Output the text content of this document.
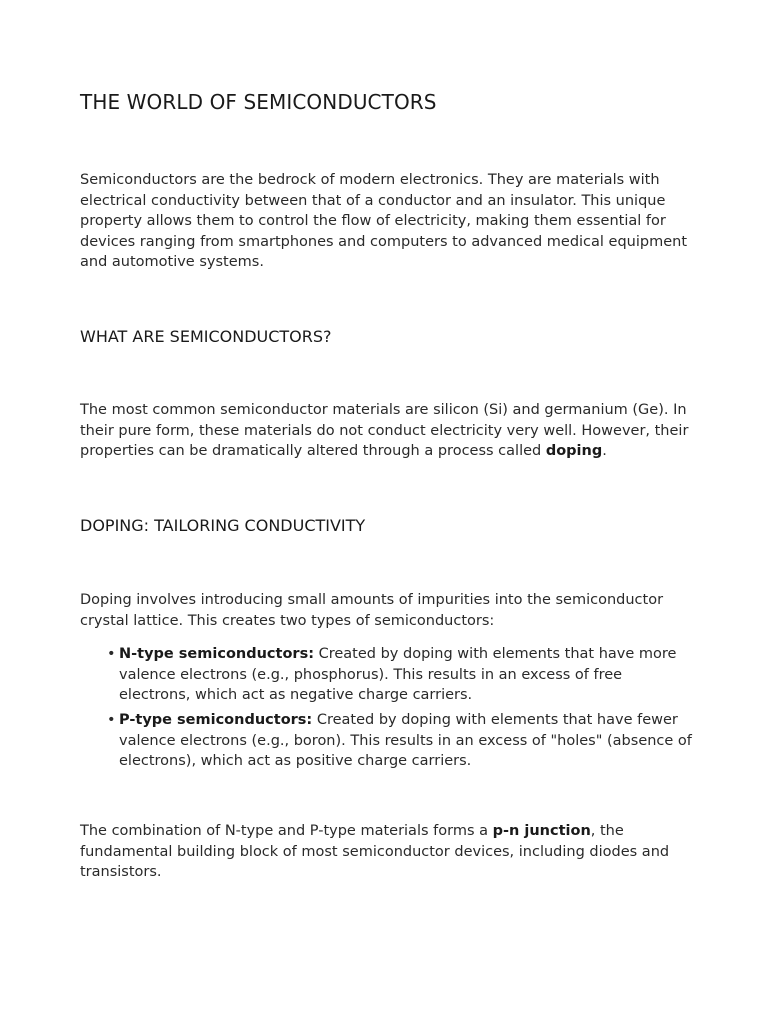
THE WORLD OF SEMICONDUCTORS

Semiconductors are the bedrock of modern electronics. They are materials with electrical conductivity between that of a conductor and an insulator. This unique property allows them to control the flow of electricity, making them essential for devices ranging from smartphones and computers to advanced medical equipment and automotive systems.

WHAT ARE SEMICONDUCTORS?

The most common semiconductor materials are silicon (Si) and germanium (Ge). In their pure form, these materials do not conduct electricity very well. However, their properties can be dramatically altered through a process called doping.

DOPING: TAILORING CONDUCTIVITY

Doping involves introducing small amounts of impurities into the semiconductor crystal lattice. This creates two types of semiconductors:

• N-type semiconductors: Created by doping with elements that have more valence electrons (e.g., phosphorus). This results in an excess of free electrons, which act as negative charge carriers.
• P-type semiconductors: Created by doping with elements that have fewer valence electrons (e.g., boron). This results in an excess of "holes" (absence of electrons), which act as positive charge carriers.

The combination of N-type and P-type materials forms a p-n junction, the fundamental building block of most semiconductor devices, including diodes and transistors.
